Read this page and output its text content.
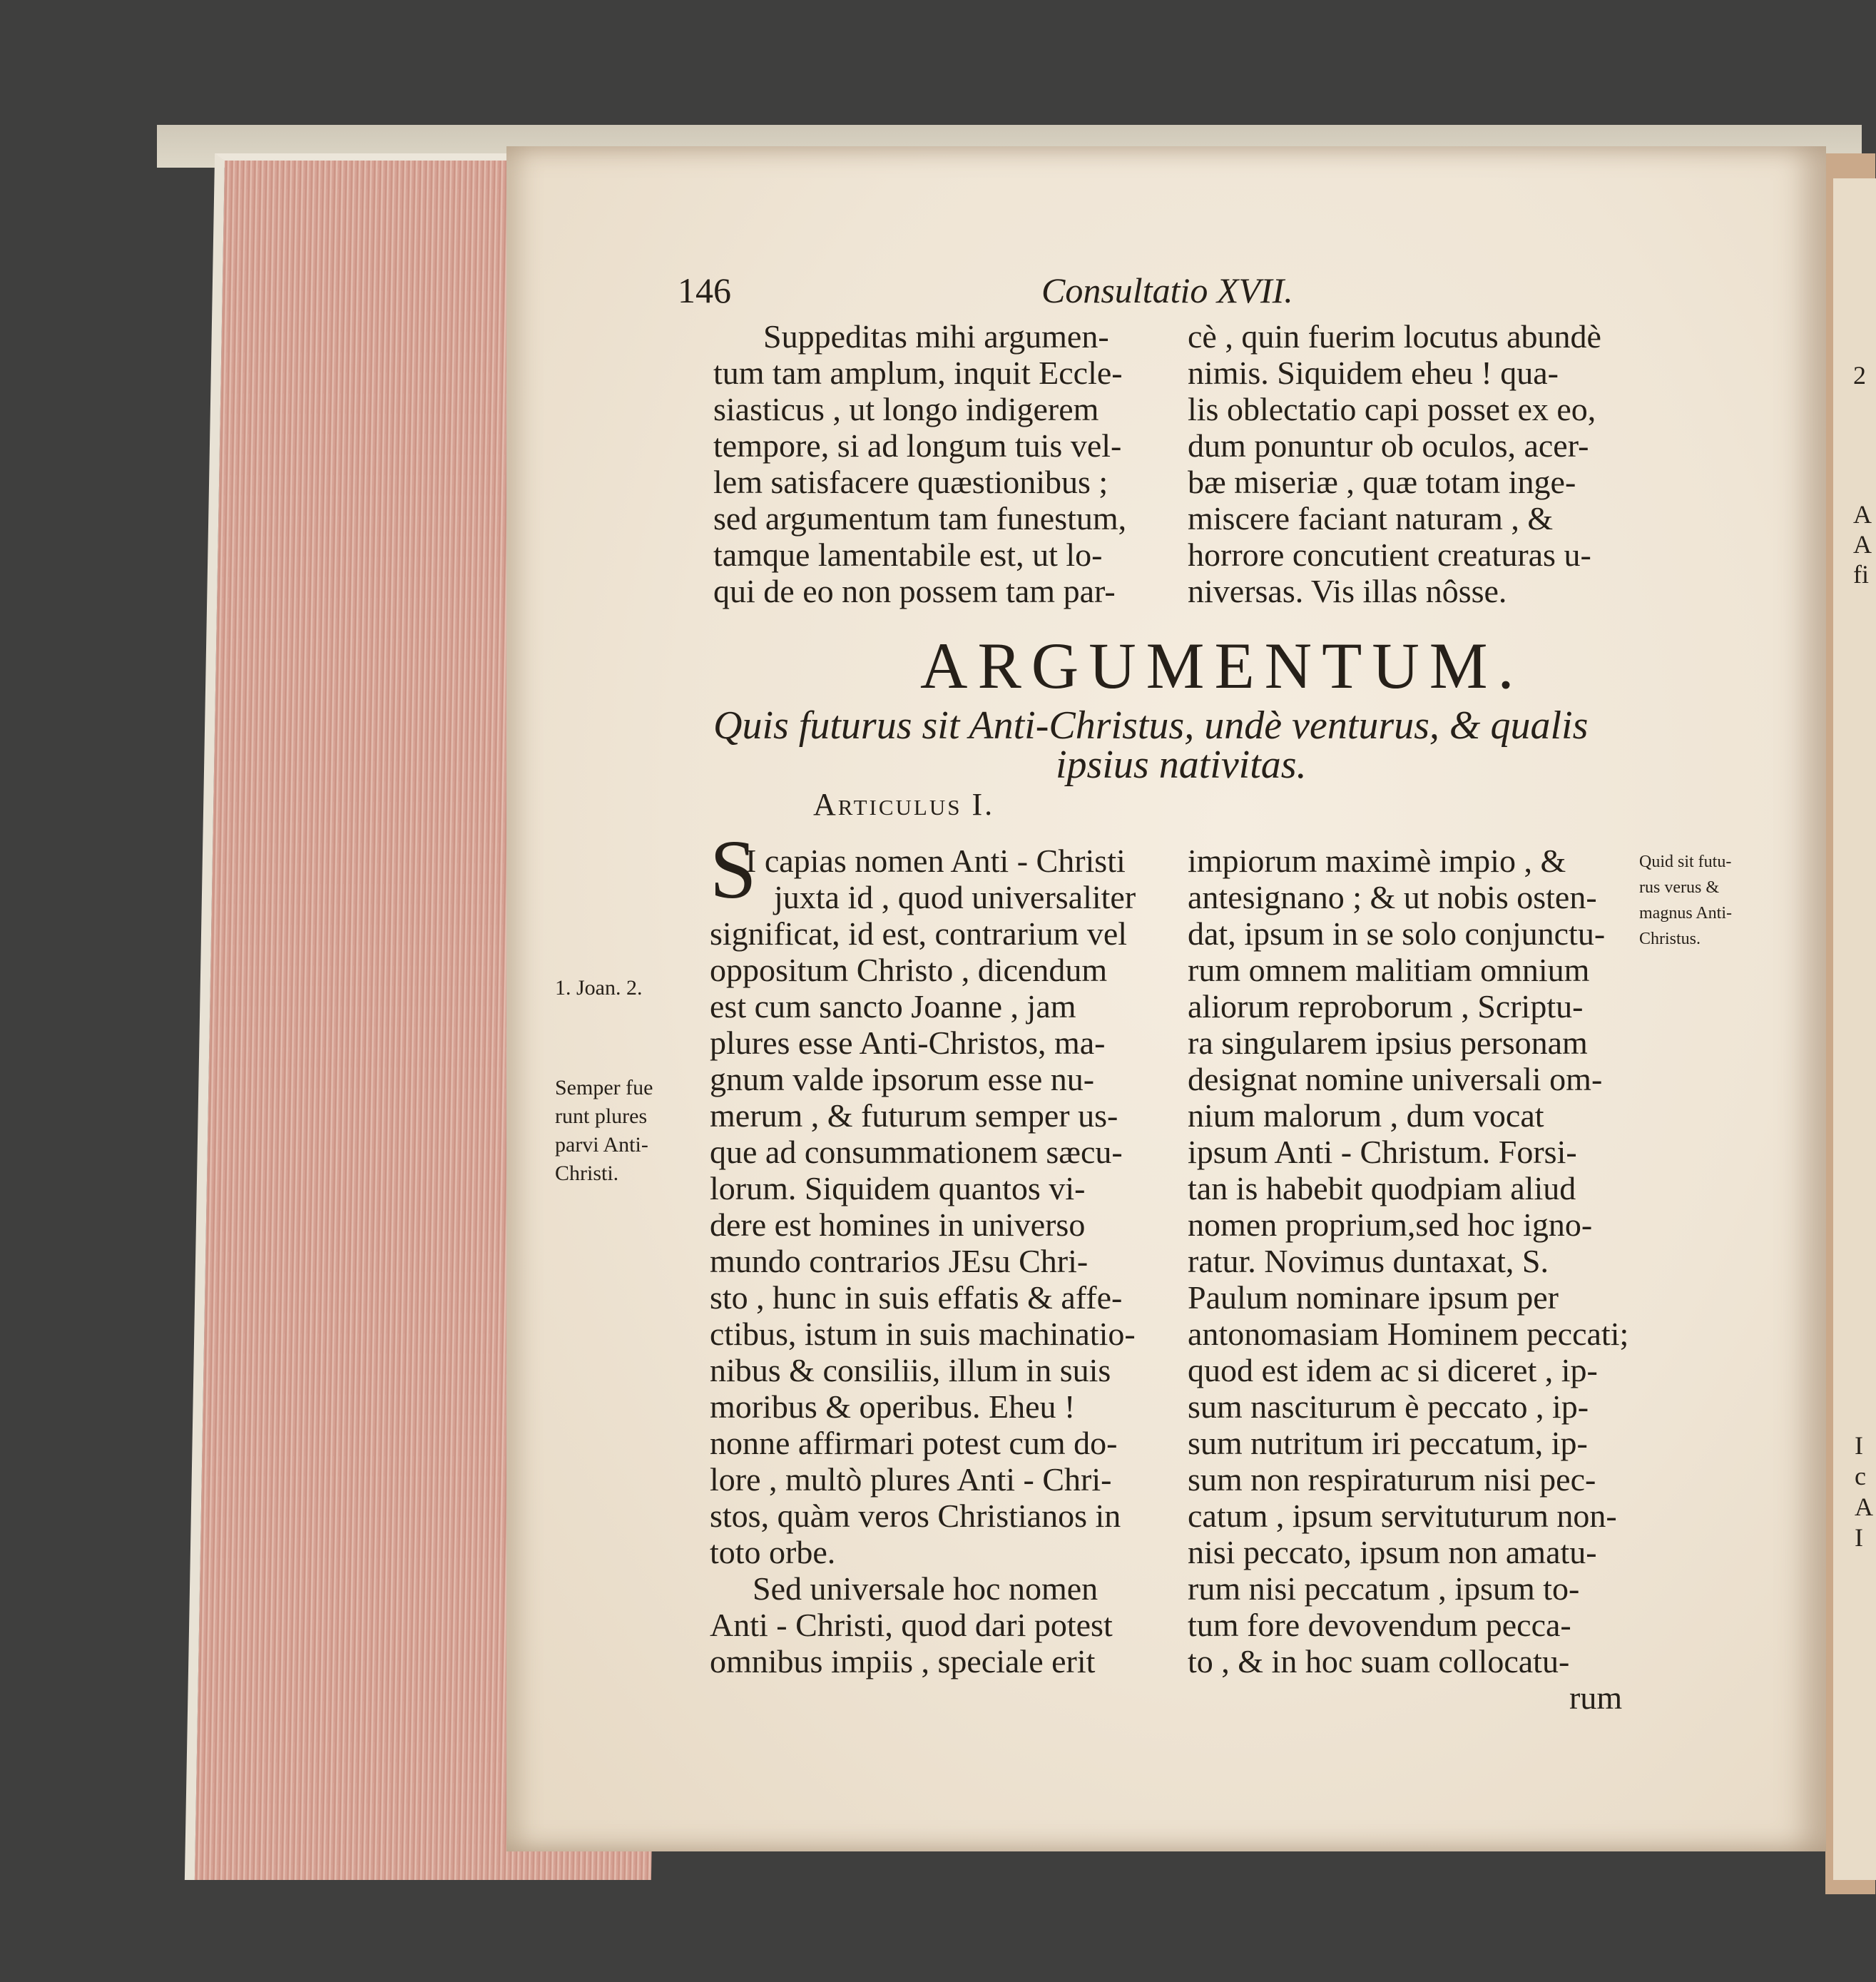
146	Consultatio XVII.
Suppeditas mihi argumen-
tum tam amplum, inquit Eccle-
siasticus , ut longo indigerem
tempore, si ad longum tuis vel-
lem satisfacere quæstionibus ;
sed argumentum tam funestum,
tamque lamentabile est, ut lo-
qui de eo non possem tam par-
cè , quin fuerim locutus abundè
nimis. Siquidem eheu ! qua-
lis oblectatio capi posset ex eo,
dum ponuntur ob oculos, acer-
bæ miseriæ , quæ totam inge-
miscere faciant naturam , &
horrore concutient creaturas u-
niversas. Vis illas nôsse.
ARGUMENTUM.
Quis futurus sit Anti-Christus, undè venturus, & qualis
ipsius nativitas.
Articulus I.
S
I capias nomen Anti - Christi
juxta id , quod universaliter
significat, id est, contrarium vel
oppositum Christo , dicendum
est cum sancto Joanne , jam
plures esse Anti-Christos, ma-
gnum valde ipsorum esse nu-
merum , & futurum semper us-
que ad consummationem sæcu-
lorum. Siquidem quantos vi-
dere est homines in universo
mundo contrarios JEsu Chri-
sto , hunc in suis effatis & affe-
ctibus, istum in suis machinatio-
nibus & consiliis, illum in suis
moribus & operibus. Eheu !
nonne affirmari potest cum do-
lore , multò plures Anti - Chri-
stos, quàm veros Christianos in
toto orbe.
Sed universale hoc nomen
Anti - Christi, quod dari potest
omnibus impiis , speciale erit
impiorum maximè impio , &
antesignano ; & ut nobis osten-
dat, ipsum in se solo conjunctu-
rum omnem malitiam omnium
aliorum reproborum , Scriptu-
ra singularem ipsius personam
designat nomine universali om-
nium malorum , dum vocat
ipsum Anti - Christum. Forsi-
tan is habebit quodpiam aliud
nomen proprium,sed hoc igno-
ratur. Novimus duntaxat, S.
Paulum nominare ipsum per
antonomasiam Hominem peccati;
quod est idem ac si diceret , ip-
sum nasciturum è peccato , ip-
sum nutritum iri peccatum, ip-
sum non respiraturum nisi pec-
catum , ipsum servituturum non-
nisi peccato, ipsum non amatu-
rum nisi peccatum , ipsum to-
tum fore devovendum pecca-
to , & in hoc suam collocatu-
rum
1. Joan. 2.
Semper fue
runt plures
parvi Anti-
Christi.
Quid sit futu-
rus verus &
magnus Anti-
Christus.
2
A
A
fi
I
c
A
I
